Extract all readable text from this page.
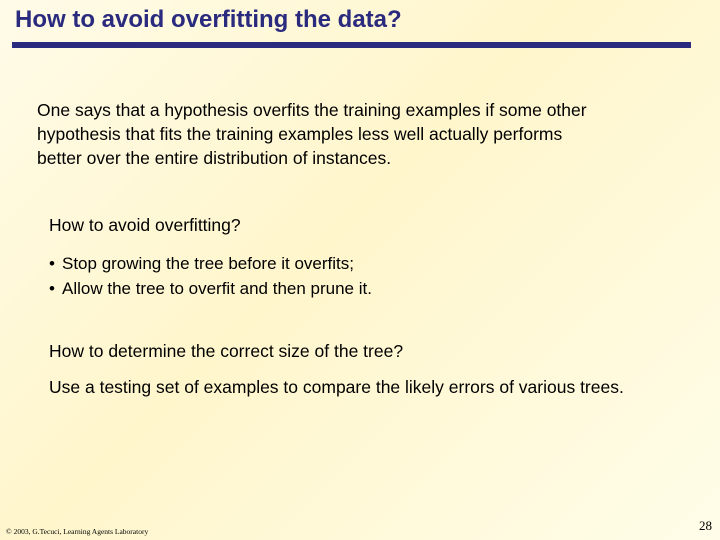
How to avoid overfitting the data?
One says that a hypothesis overfits the training examples if some other
hypothesis that fits the training examples less well actually performs
better over the entire distribution of instances.
How to avoid overfitting?
• Stop growing the tree before it overfits;
• Allow the tree to overfit and then prune it.
How to determine the correct size of the tree?
Use a testing set of examples to compare the likely errors of various trees.
© 2003, G.Tecuci, Learning Agents Laboratory	28
